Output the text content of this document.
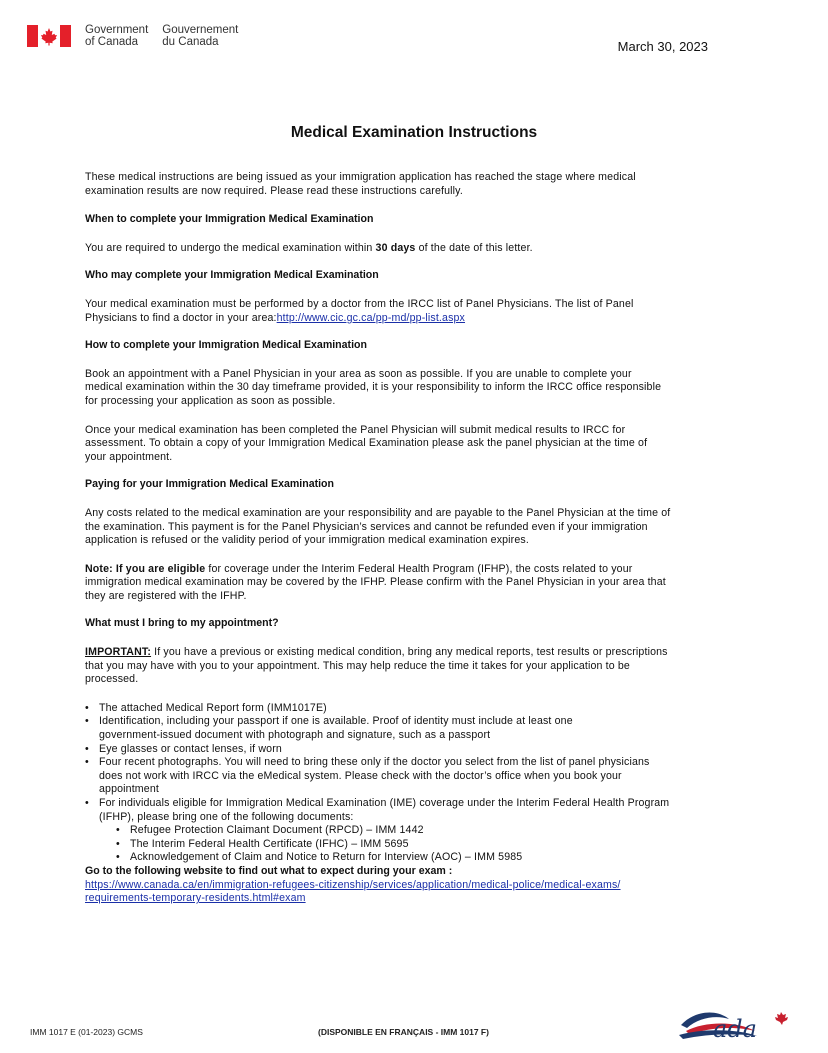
Government
of Canada
Gouvernement
du Canada	March 30, 2023
Medical Examination Instructions

These medical instructions are being issued as your immigration application has reached the stage where medical

examination results are now required. Please read these instructions carefully.

When to complete your Immigration Medical Examination

You are required to undergo the medical examination within 30 days of the date of this letter.

Who may complete your Immigration Medical Examination

Your medical examination must be performed by a doctor from the IRCC list of Panel Physicians. The list of Panel

Physicians to find a doctor in your area:http://www.cic.gc.ca/pp-md/pp-list.aspx

How to complete your Immigration Medical Examination

Book an appointment with a Panel Physician in your area as soon as possible. If you are unable to complete your

medical examination within the 30 day timeframe provided, it is your responsibility to inform the IRCC office responsible

for processing your application as soon as possible.

Once your medical examination has been completed the Panel Physician will submit medical results to IRCC for

assessment. To obtain a copy of your Immigration Medical Examination please ask the panel physician at the time of

your appointment.

Paying for your Immigration Medical Examination

Any costs related to the medical examination are your responsibility and are payable to the Panel Physician at the time of

the examination. This payment is for the Panel Physician’s services and cannot be refunded even if your immigration

application is refused or the validity period of your immigration medical examination expires.

Note: If you are eligible for coverage under the Interim Federal Health Program (IFHP), the costs related to your

immigration medical examination may be covered by the IFHP. Please confirm with the Panel Physician in your area that

they are registered with the IFHP.

What must I bring to my appointment?

IMPORTANT: If you have a previous or existing medical condition, bring any medical reports, test results or prescriptions

that you may have with you to your appointment. This may help reduce the time it takes for your application to be

processed.

• The attached Medical Report form (IMM1017E)
• Identification, including your passport if one is available. Proof of identity must include at least one
government-issued document with photograph and signature, such as a passport
• Eye glasses or contact lenses, if worn
• Four recent photographs. You will need to bring these only if the doctor you select from the list of panel physicians
does not work with IRCC via the eMedical system. Please check with the doctor’s office when you book your
appointment
• For individuals eligible for Immigration Medical Examination (IME) coverage under the Interim Federal Health Program
(IFHP), please bring one of the following documents:
• Refugee Protection Claimant Document (RPCD) – IMM 1442
• The Interim Federal Health Certificate (IFHC) – IMM 5695
• Acknowledgement of Claim and Notice to Return for Interview (AOC) – IMM 5985

Go to the following website to find out what to expect during your exam :

https://www.canada.ca/en/immigration-refugees-citizenship/services/application/medical-police/medical-exams/

requirements-temporary-residents.html#exam

IMM 1017 E (01-2023) GCMS	(DISPONIBLE EN FRANÇAIS - IMM 1017 F)	ada
